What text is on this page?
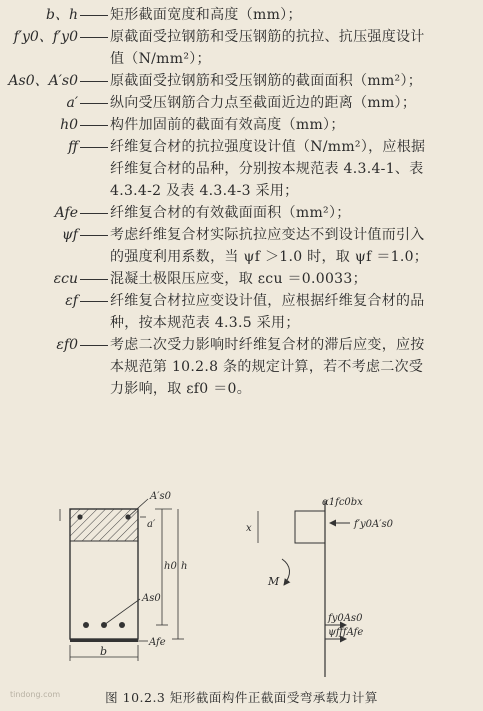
b、h 矩形截面宽度和高度（mm）；
f′y0、f′y0 原截面受拉钢筋和受压钢筋的抗拉、抗压强度设计
值（N/mm²）；
As0、A′s0 原截面受拉钢筋和受压钢筋的截面面积（mm²）；
a′ 纵向受压钢筋合力点至截面近边的距离（mm）；
h0 构件加固前的截面有效高度（mm）；
ff 纤维复合材的抗拉强度设计值（N/mm²），应根据
纤维复合材的品种，分别按本规范表 4.3.4-1、表
4.3.4-2 及表 4.3.4-3 采用；
Afe 纤维复合材的有效截面面积（mm²）；
ψf 考虑纤维复合材实际抗拉应变达不到设计值而引入
的强度利用系数，当 ψf ＞1.0 时，取 ψf ＝1.0；
εcu 混凝土极限压应变，取 εcu ＝0.0033；
εf 纤维复合材拉应变设计值，应根据纤维复合材的品
种，按本规范表 4.3.5 采用；
εf0 考虑二次受力影响时纤维复合材的滞后应变，应按
本规范第 10.2.8 条的规定计算，若不考虑二次受
力影响，取 εf0 ＝0。
A′s0
As0
Afe
b
a′
h0 h
α1fc0bx
x	f′y0A′s0
M
fy0As0
ψfffAfe
图 10.2.3 矩形截面构件正截面受弯承载力计算
tindong.com
